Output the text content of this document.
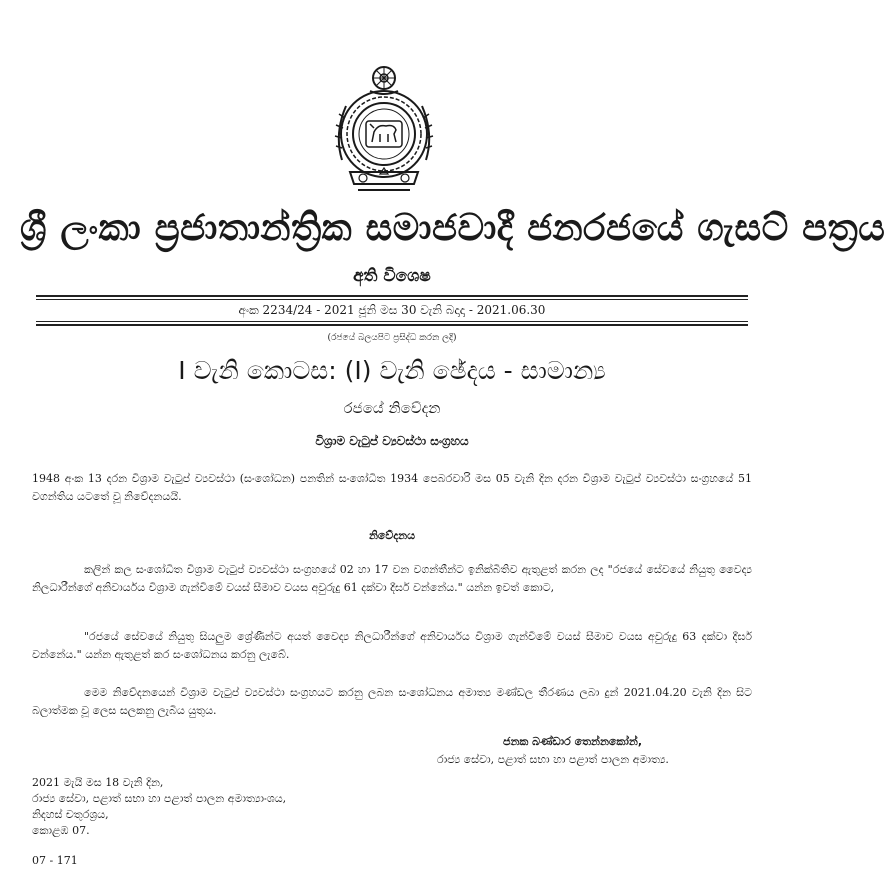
ශ්‍රී ලංකා ප්‍රජාතාන්ත්‍රික සමාජවාදී ජනරජයේ ගැසට් පත්‍රය
අති විශෙෂ
අංක 2234/24 - 2021 ජූනි මස 30 වැනි බදාදා - 2021.06.30
(රජයේ බලයපිට ප්‍රසිද්ධ කරන ලදි)
I වැනි කොටස: (I) වැනි ඡේදය - සාමාන්‍ය
රජයේ නිවේදන
විශ්‍රාම වැටුප් ව්‍යවස්ථා සංග්‍රහය

1948 අංක 13 දරන විශ්‍රාම වැටුප් ව්‍යවස්ථා (සංශෝධන) පනතින් සංශෝධිත 1934 පෙබරවාරි මස 05 වැනි දින දරන විශ්‍රාම වැටුප් ව්‍යවස්ථා සංග්‍රහයේ 51 වගන්තිය යටතේ වූ නිවේදනයයි.

නිවේදනය

කලින් කල සංශෝධිත විශ්‍රාම වැටුප් ව්‍යවස්ථා සංග්‍රහයේ 02 හා 17 වන වගන්තීන්ට ඉනික්බිතිව ඇතුළත් කරන ලද "රජයේ සේවයේ නියුතු වෛද්‍ය නිලධාරීන්ගේ අනිවාර්යය විශ්‍රාම ගැන්වීමේ වයස් සීමාව වයස අවුරුදු 61 දක්වා දීර්ඝ වන්නේය." යන්න ඉවත් කොට,

"රජයේ සේවයේ නියුතු සියලුම ශ්‍රේණීන්ට අයත් වෛද්‍ය නිලධාරීන්ගේ අනිවාර්යය විශ්‍රාම ගැන්වීමේ වයස් සීමාව වයස අවුරුදු 63 දක්වා දීර්ඝ වන්නේය." යන්න ඇතුළත් කර සංශෝධනය කරනු ලැබේ.

මෙම නිවේදනයෙන් විශ්‍රාම වැටුප් ව්‍යවස්ථා සංග්‍රහයට කරනු ලබන සංශෝධනය අමාත්‍ය මණ්ඩල තීරණය ලබා දුන් 2021.04.20 වැනි දින සිට බලාත්මක වූ ලෙස සලකනු ලැබිය යුතුය.

ජනක බණ්ඩාර තෙන්නකෝන්,
රාජ්‍ය සේවා, පළාත් සභා හා පළාත් පාලන අමාත්‍ය.
2021 මැයි මස 18 වැනි දින,
රාජ්‍ය සේවා, පළාත් සභා හා පළාත් පාලන අමාත්‍යාංශය,
නිදහස් චතුරශ්‍රය,
කොළඹ 07.
07 - 171
